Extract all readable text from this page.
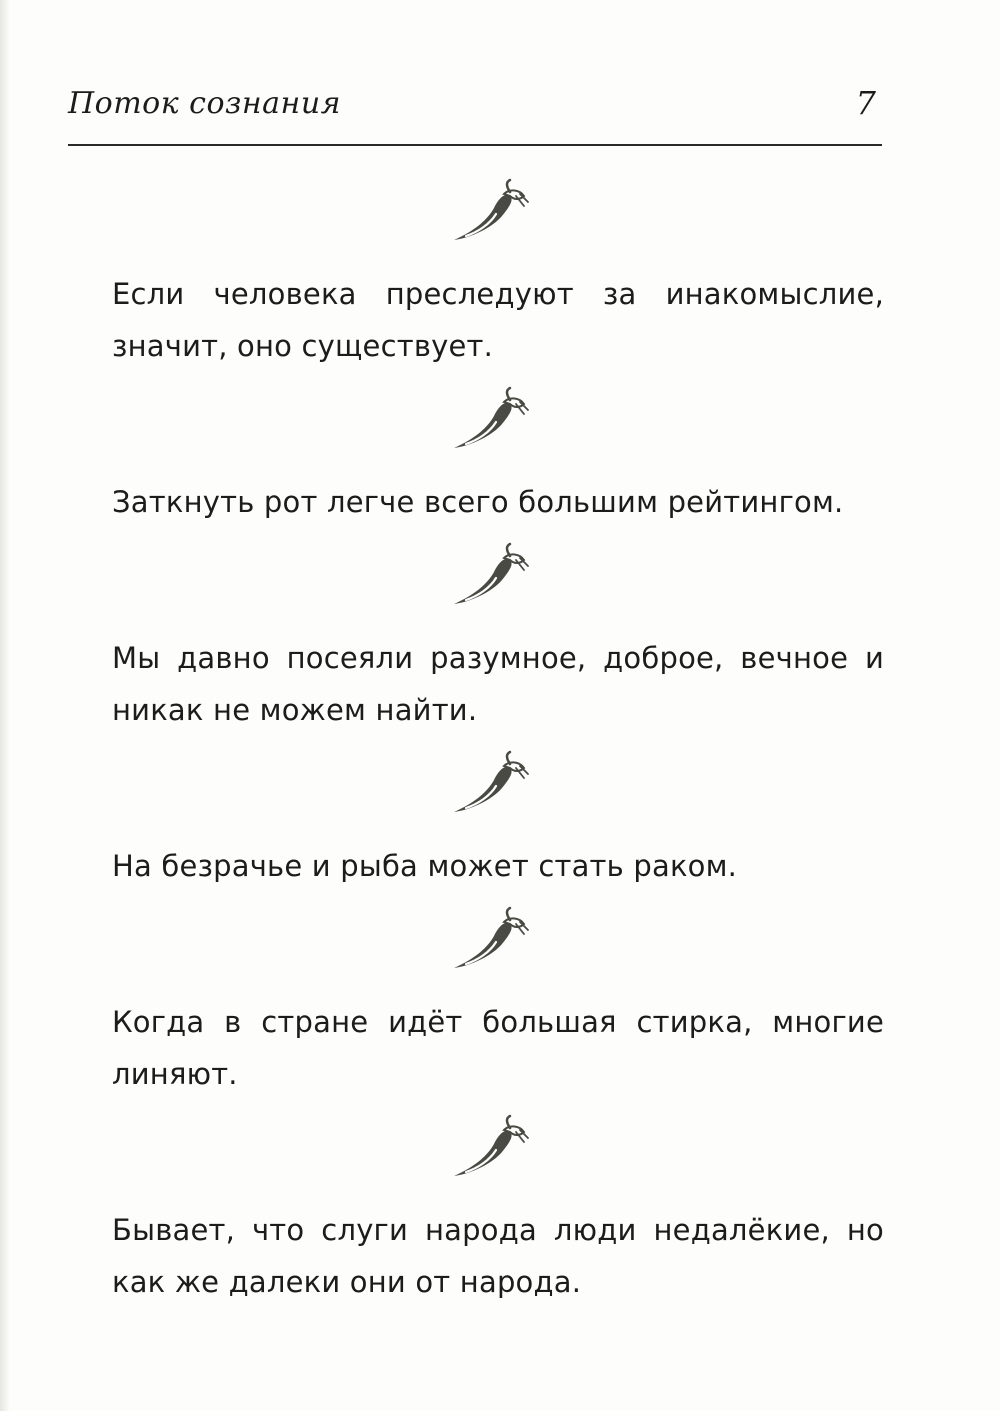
Поток сознания	7

Если человека преследуют за инакомыслие, значит, оно существует.

Заткнуть рот легче всего большим рейтингом.

Мы давно посеяли разумное, доброе, вечное и никак не можем найти.

На безрачье и рыба может стать раком.

Когда в стране идёт большая стирка, многие линяют.

Бывает, что слуги народа люди недалёкие, но как же далеки они от народа.
